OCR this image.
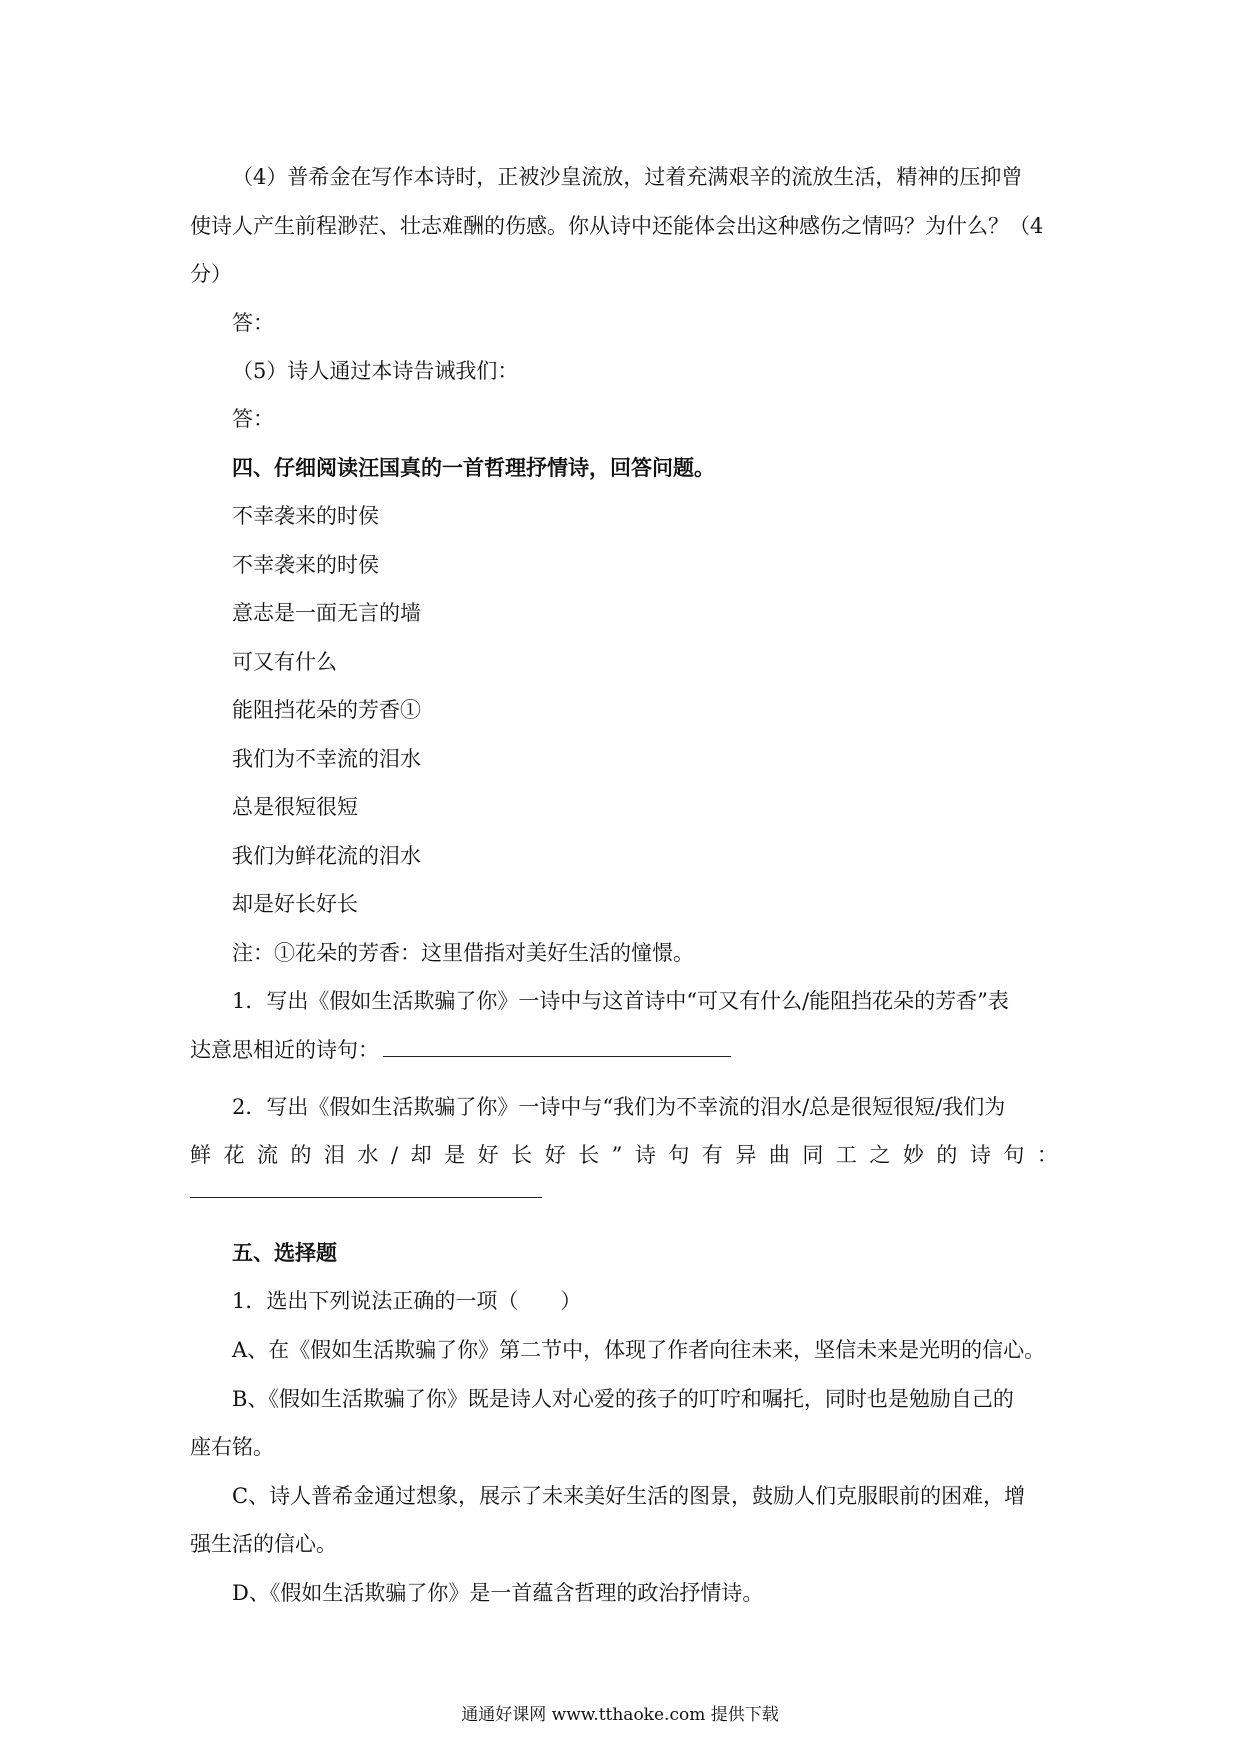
（4）普希金在写作本诗时，正被沙皇流放，过着充满艰辛的流放生活，精神的压抑曾
使诗人产生前程渺茫、壮志难酬的伤感。你从诗中还能体会出这种感伤之情吗？为什么？（4
分）
答：
（5）诗人通过本诗告诫我们：
答：
四、仔细阅读汪国真的一首哲理抒情诗，回答问题。
不幸袭来的时侯
不幸袭来的时侯
意志是一面无言的墙
可又有什么
能阻挡花朵的芳香①
我们为不幸流的泪水
总是很短很短
我们为鲜花流的泪水
却是好长好长
注：①花朵的芳香：这里借指对美好生活的憧憬。
1．写出《假如生活欺骗了你》一诗中与这首诗中“可又有什么/能阻挡花朵的芳香”表
达意思相近的诗句：
2．写出《假如生活欺骗了你》一诗中与“我们为不幸流的泪水/总是很短很短/我们为
鲜 花 流 的 泪 水 / 却 是 好 长 好 长 ” 诗 句 有 异 曲 同 工 之 妙 的 诗 句 ：
五、选择题
1．选出下列说法正确的一项（　　）
A、在《假如生活欺骗了你》第二节中，体现了作者向往未来，坚信未来是光明的信心。
B、《假如生活欺骗了你》既是诗人对心爱的孩子的叮咛和嘱托，同时也是勉励自己的
座右铭。
C、诗人普希金通过想象，展示了未来美好生活的图景，鼓励人们克服眼前的困难，增
强生活的信心。
D、《假如生活欺骗了你》是一首蕴含哲理的政治抒情诗。
通通好课网 www.tthaoke.com 提供下载
